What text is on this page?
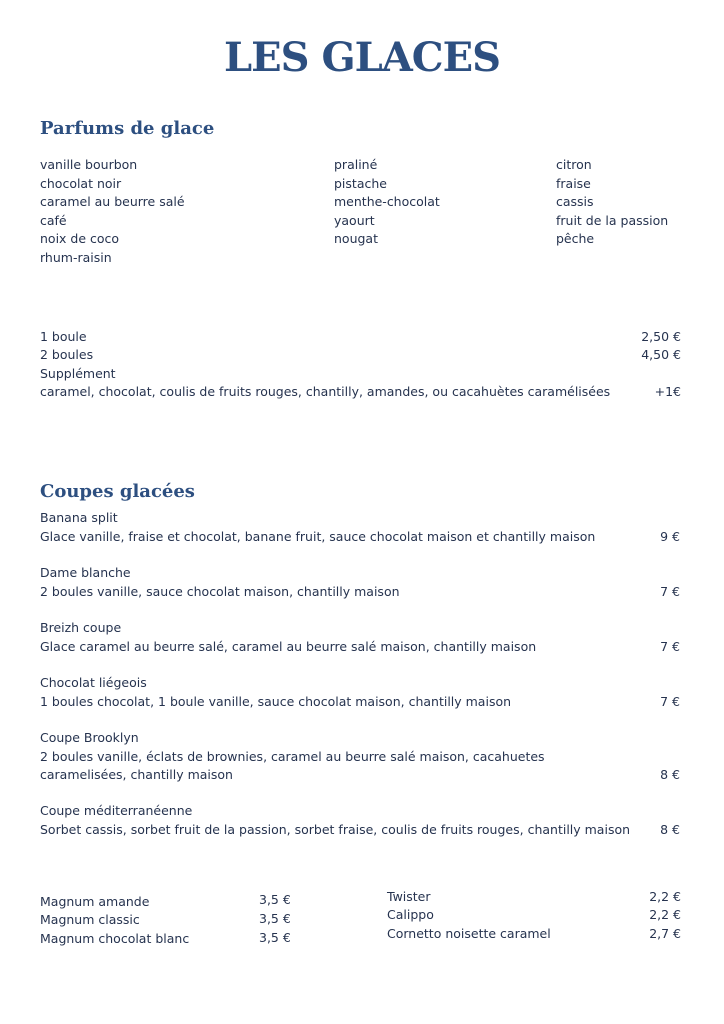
LES GLACES
Parfums de glace
vanille bourbon
chocolat noir
caramel au beurre salé
café
noix de coco
rhum-raisin
praliné
pistache
menthe-chocolat
yaourt
nougat
citron
fraise
cassis
fruit de la passion
pêche
1 boule	2,50 €
2 boules	4,50 €
Supplément
caramel, chocolat, coulis de fruits rouges, chantilly, amandes, ou cacahuètes caramélisées	+1€
Coupes glacées
Banana split
Glace vanille, fraise et chocolat, banane fruit, sauce chocolat maison et chantilly maison	9 €
Dame blanche
2 boules vanille, sauce chocolat maison, chantilly maison	7 €
Breizh coupe
Glace caramel au beurre salé, caramel au beurre salé maison, chantilly maison	7 €
Chocolat liégeois
1 boules chocolat, 1 boule vanille, sauce chocolat maison, chantilly maison	7 €
Coupe Brooklyn
2 boules vanille, éclats de brownies, caramel au beurre salé maison, cacahuetes caramelisées, chantilly maison	8 €
Coupe méditerranéenne
Sorbet cassis, sorbet fruit de la passion, sorbet fraise, coulis de fruits rouges, chantilly maison	8 €
Magnum amande	3,5 €
Magnum classic	3,5 €
Magnum chocolat blanc	3,5 €
Twister	2,2 €
Calippo	2,2 €
Cornetto noisette caramel	2,7 €
